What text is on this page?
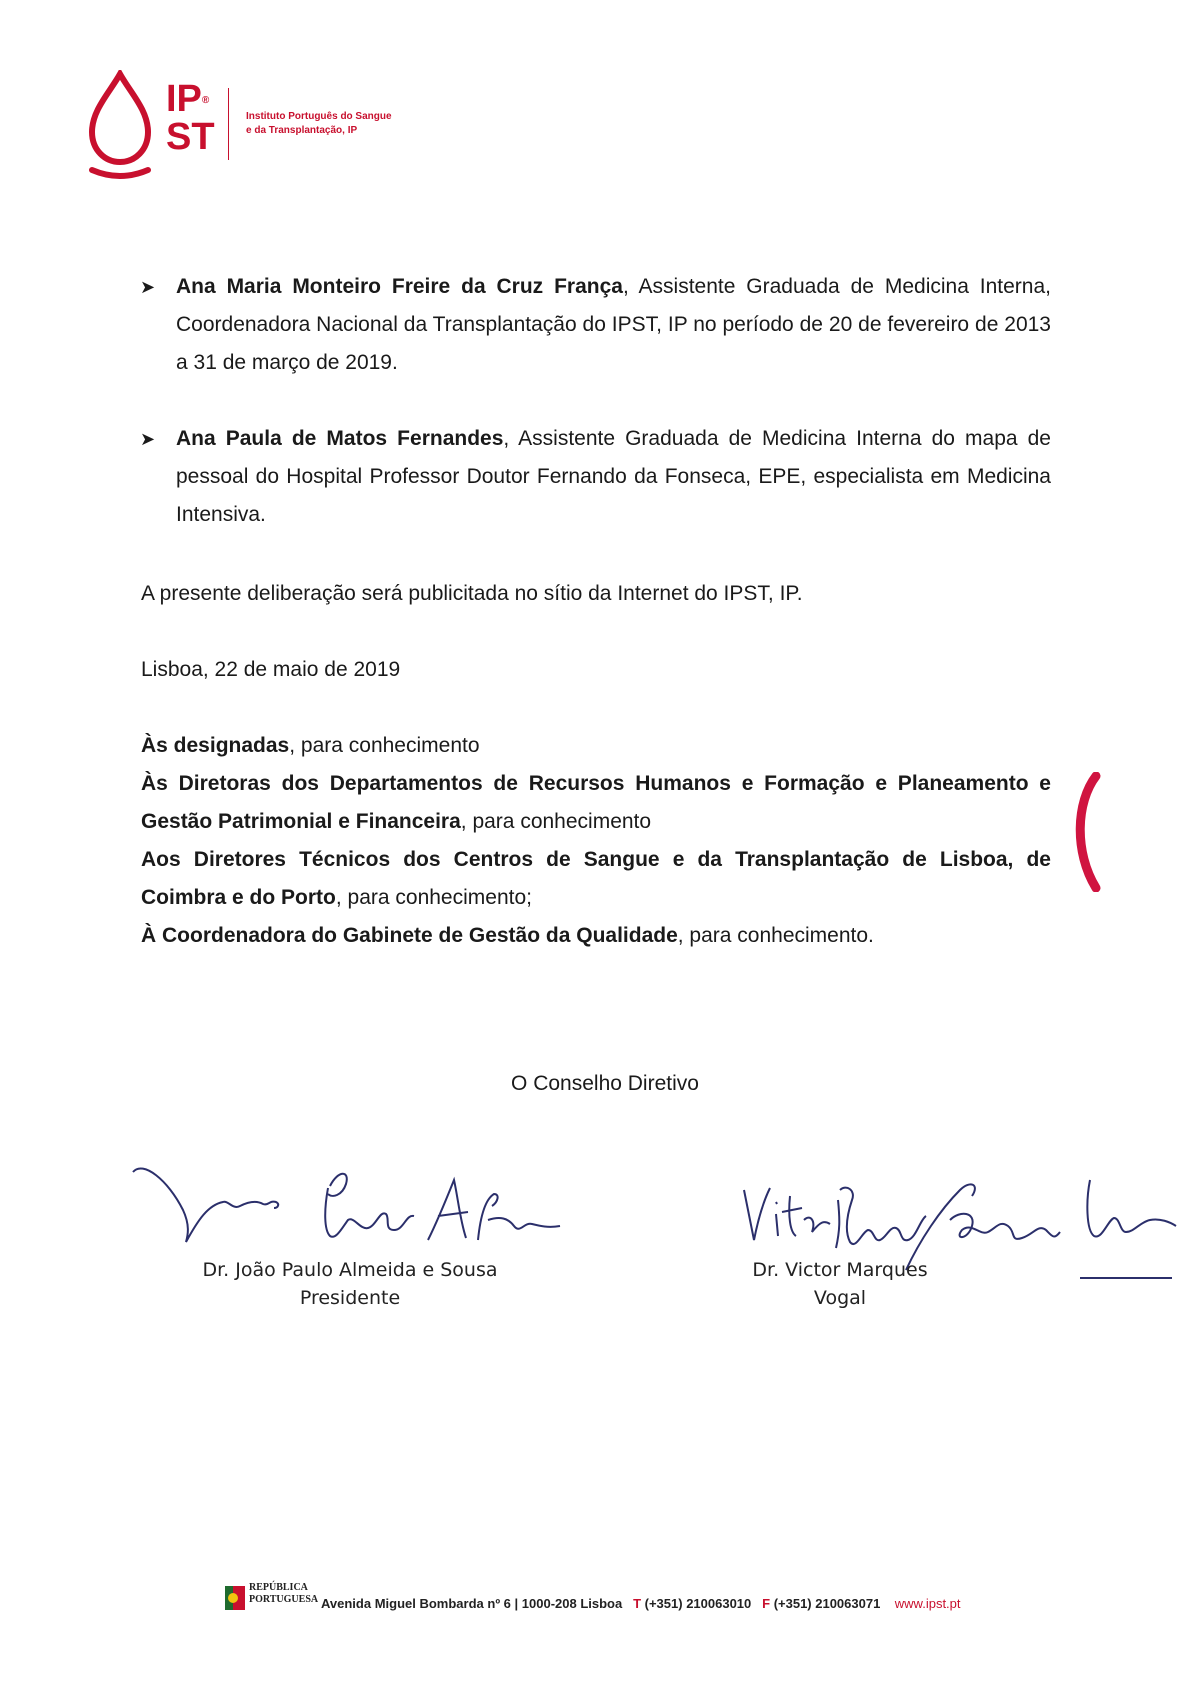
IP®
ST	Instituto Português do Sangue
e da Transplantação, IP
➤ Ana Maria Monteiro Freire da Cruz França, Assistente Graduada de Medicina Interna, Coordenadora Nacional da Transplantação do IPST, IP no período de 20 de fevereiro de 2013 a 31 de março de 2019.
➤ Ana Paula de Matos Fernandes, Assistente Graduada de Medicina Interna do mapa de pessoal do Hospital Professor Doutor Fernando da Fonseca, EPE, especialista em Medicina Intensiva.
A presente deliberação será publicitada no sítio da Internet do IPST, IP.
Lisboa, 22 de maio de 2019
Às designadas, para conhecimento
Às Diretoras dos Departamentos de Recursos Humanos e Formação e Planeamento e Gestão Patrimonial e Financeira, para conhecimento
Aos Diretores Técnicos dos Centros de Sangue e da Transplantação de Lisboa, de Coimbra e do Porto, para conhecimento;
À Coordenadora do Gabinete de Gestão da Qualidade, para conhecimento.
O Conselho Diretivo
Dr. João Paulo Almeida e Sousa
Presidente
Dr. Victor Marques
Vogal
REPÚBLICA
PORTUGUESA Avenida Miguel Bombarda nº 6 | 1000-208 Lisboa T (+351) 210063010 F (+351) 210063071 www.ipst.pt
